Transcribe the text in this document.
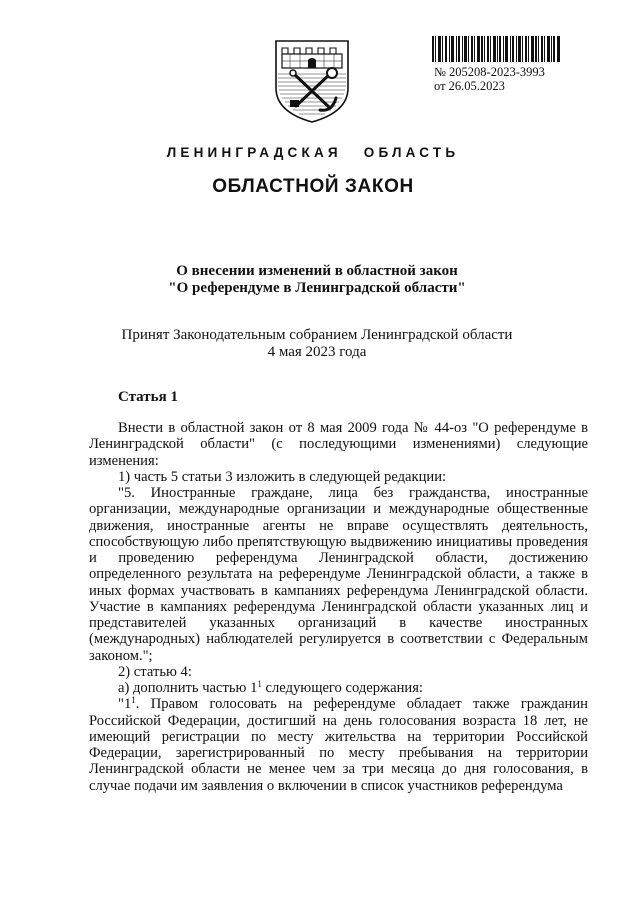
№ 205208-2023-3993
от 26.05.2023
ЛЕНИНГРАДСКАЯ ОБЛАСТЬ
ОБЛАСТНОЙ ЗАКОН
О внесении изменений в областной закон
"О референдуме в Ленинградской области"
Принят Законодательным собранием Ленинградской области
4 мая 2023 года
Статья 1

Внести в областной закон от 8 мая 2009 года № 44-оз "О референдуме в Ленинградской области" (с последующими изменениями) следующие изменения:

1) часть 5 статьи 3 изложить в следующей редакции:

"5. Иностранные граждане, лица без гражданства, иностранные организации, международные организации и международные общественные движения, иностранные агенты не вправе осуществлять деятельность, способствующую либо препятствующую выдвижению инициативы проведения и проведению референдума Ленинградской области, достижению определенного результата на референдуме Ленинградской области, а также в иных формах участвовать в кампаниях референдума Ленинградской области. Участие в кампаниях референдума Ленинградской области указанных лиц и представителей указанных организаций в качестве иностранных (международных) наблюдателей регулируется в соответствии с Федеральным законом.";

2) статью 4:

а) дополнить частью $1^1$ следующего содержания:

"$1^1$. Правом голосовать на референдуме обладает также гражданин Российской Федерации, достигший на день голосования возраста 18 лет, не имеющий регистрации по месту жительства на территории Российской Федерации, зарегистрированный по месту пребывания на территории Ленинградской области не менее чем за три месяца до дня голосования, в случае подачи им заявления о включении в список участников референдума
